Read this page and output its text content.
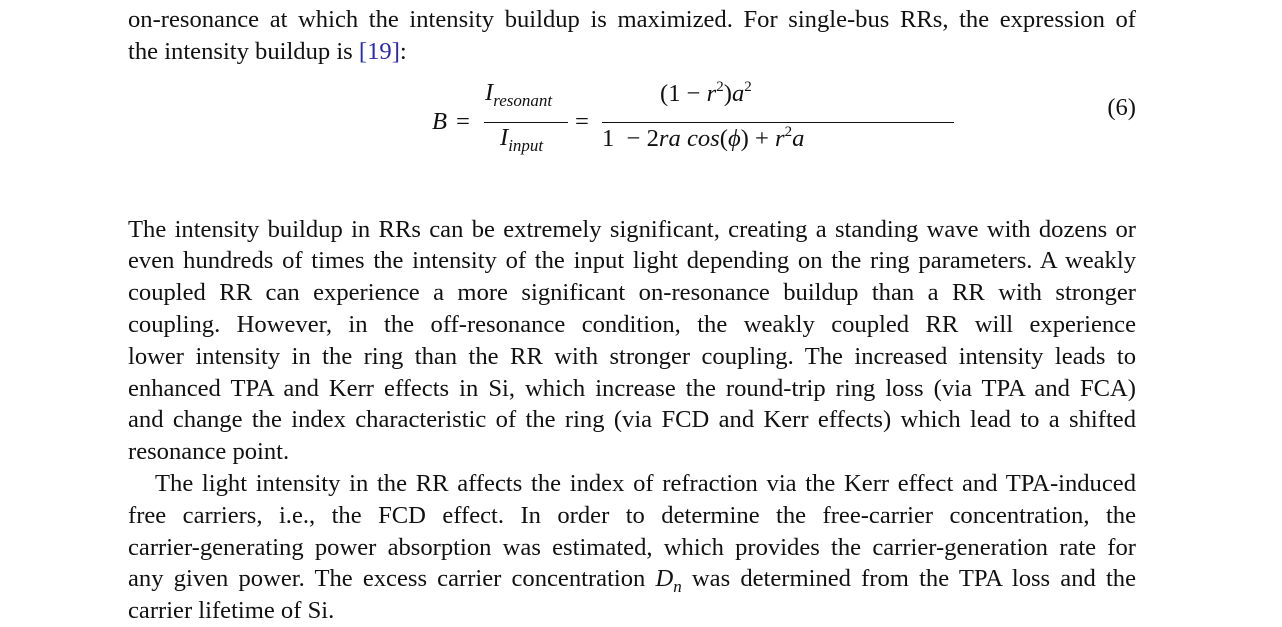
on-resonance at which the intensity buildup is maximized. For single-bus RRs, the expression of
the intensity buildup is [19]:
B =
$I_{resonant}$
$I_{input}$
=
$(1 - r^2)a^2$
1  − 2ra $\cos(\phi) + r^2a$
(6)
The intensity buildup in RRs can be extremely significant, creating a standing wave with dozens or
even hundreds of times the intensity of the input light depending on the ring parameters. A weakly
coupled RR can experience a more significant on-resonance buildup than a RR with stronger
coupling. However, in the off-resonance condition, the weakly coupled RR will experience
lower intensity in the ring than the RR with stronger coupling. The increased intensity leads to
enhanced TPA and Kerr effects in Si, which increase the round-trip ring loss (via TPA and FCA)
and change the index characteristic of the ring (via FCD and Kerr effects) which lead to a shifted
resonance point.
The light intensity in the RR affects the index of refraction via the Kerr effect and TPA-induced
free carriers, i.e., the FCD effect. In order to determine the free-carrier concentration, the
carrier-generating power absorption was estimated, which provides the carrier-generation rate for
any given power. The excess carrier concentration $D_n$ was determined from the TPA loss and the
carrier lifetime of Si.
